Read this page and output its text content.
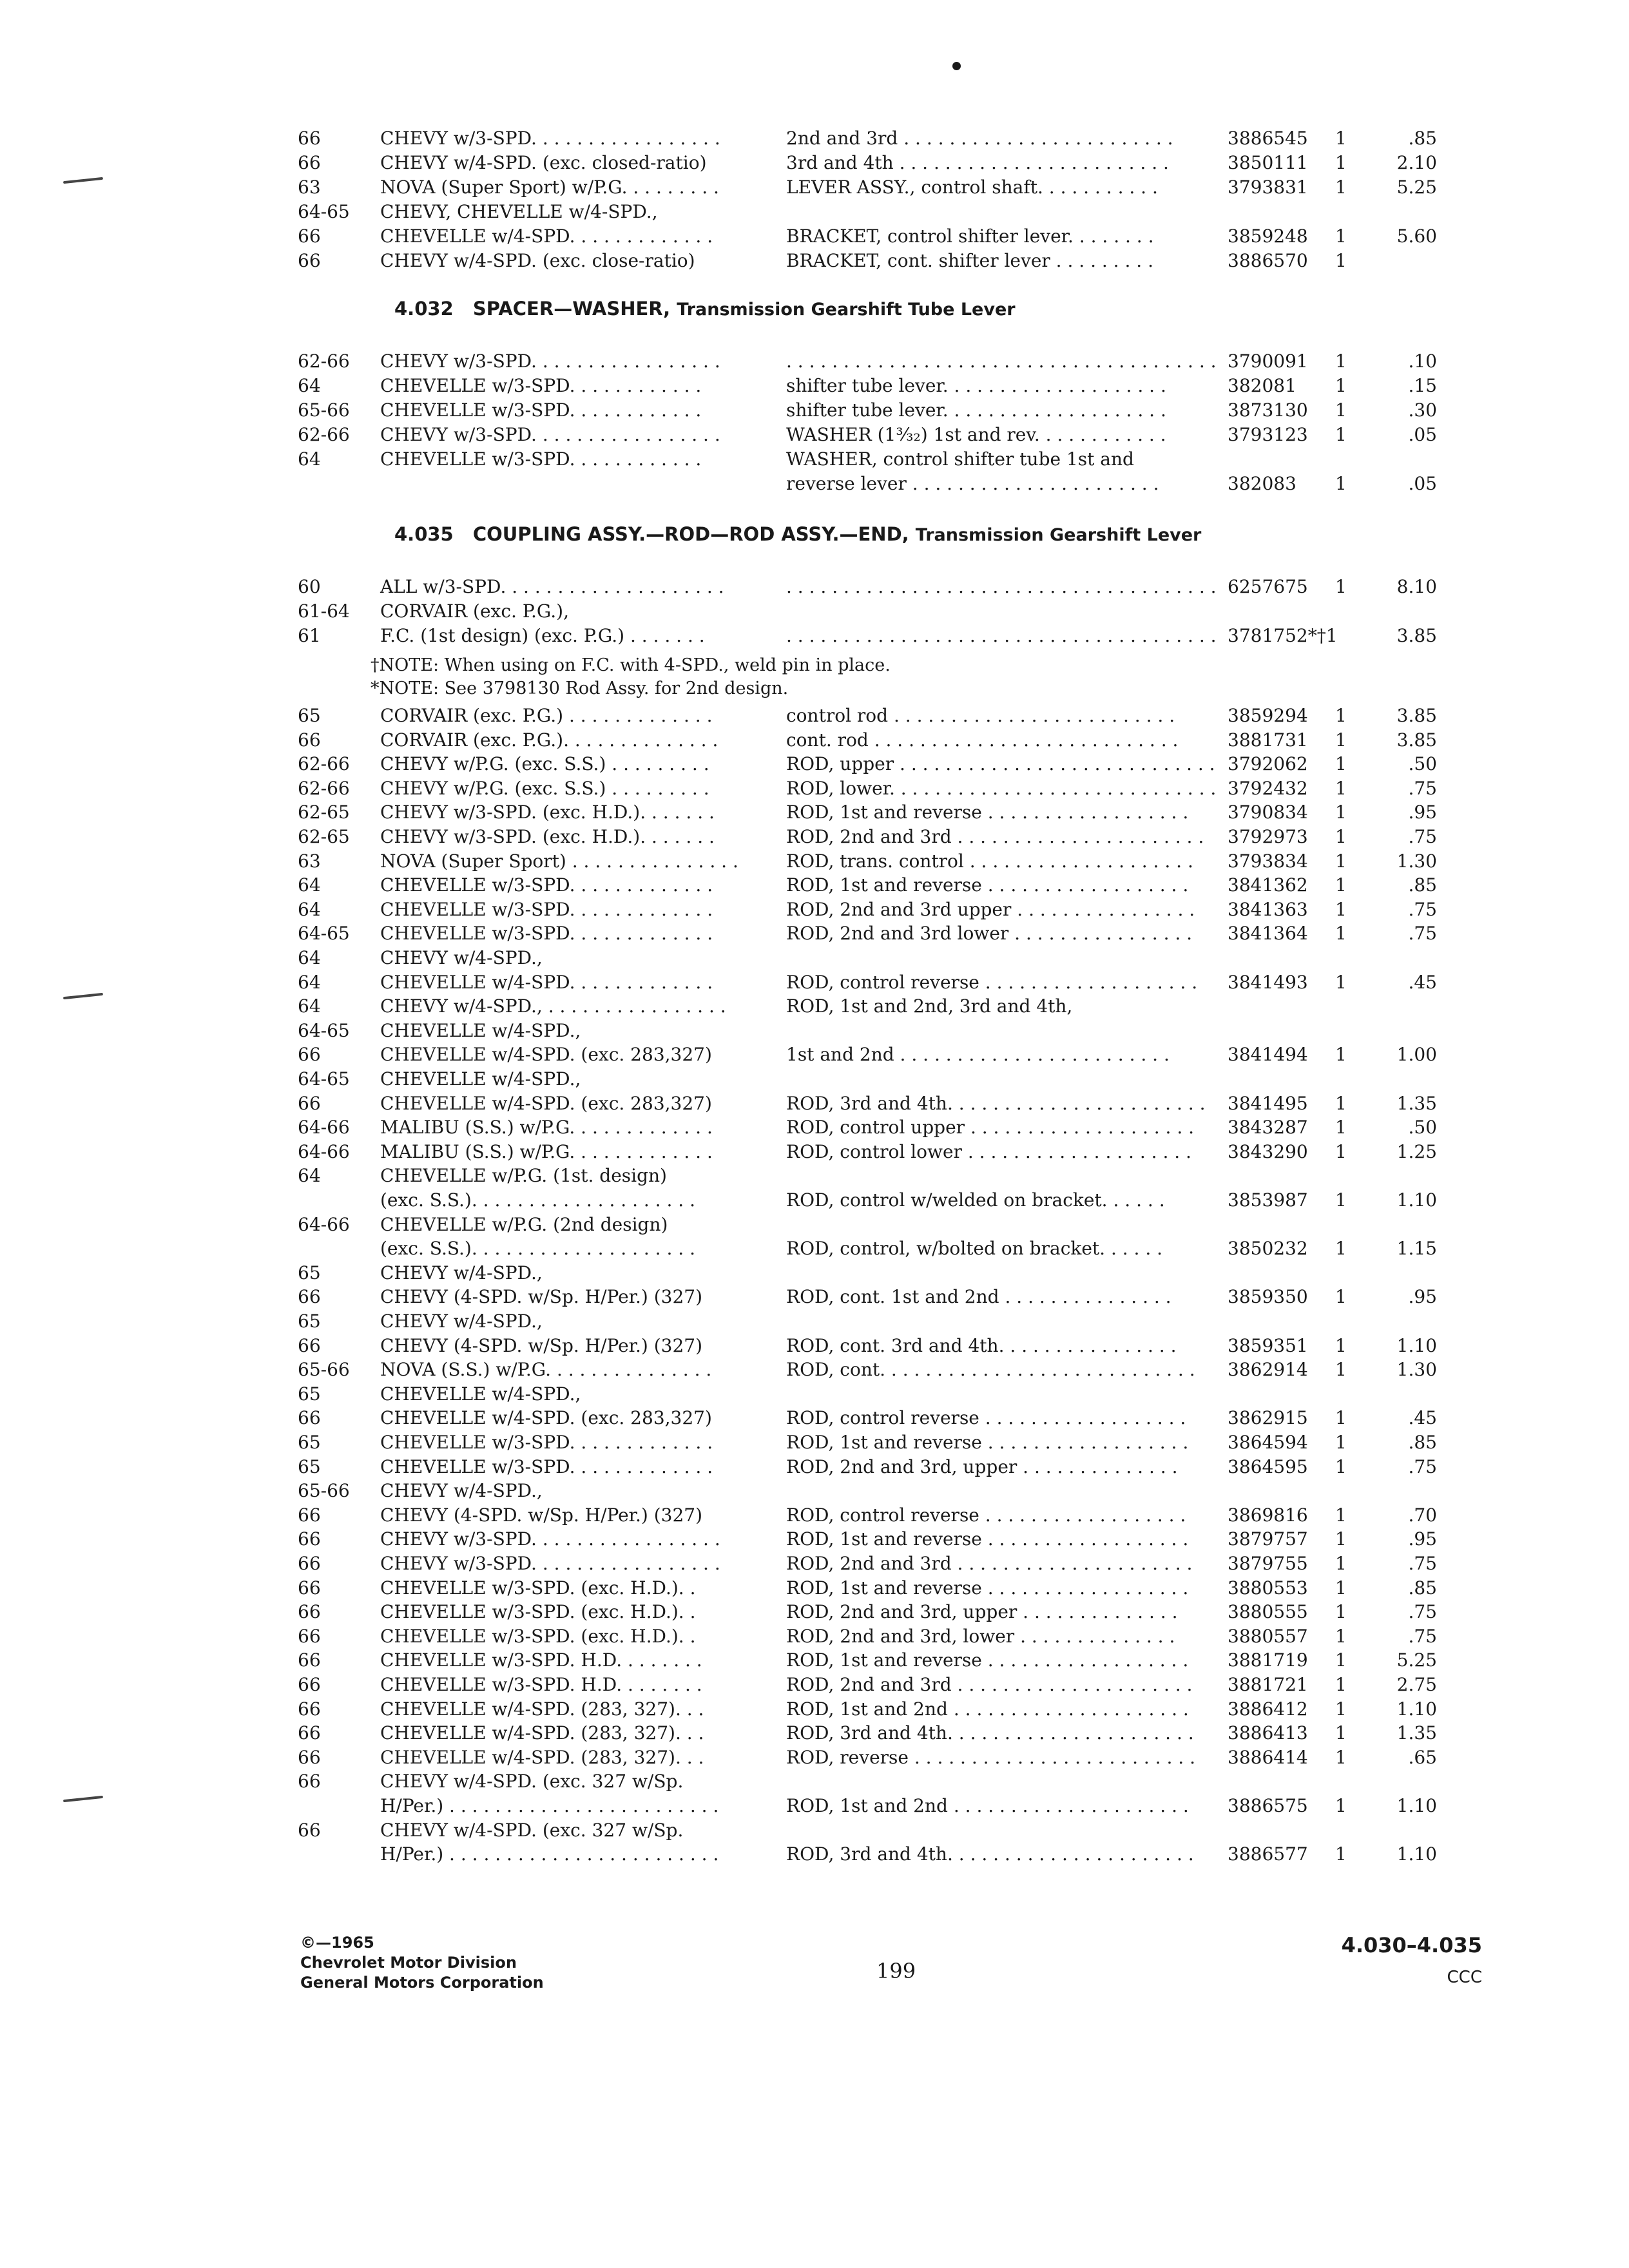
66	CHEVY w/3-SPD. . . . . . . . . . . . . . . . .	2nd and 3rd . . . . . . . . . . . . . . . . . . . . . . . .	3886545 1	.85
66	CHEVY w/4-SPD. (exc. closed-ratio)	3rd and 4th . . . . . . . . . . . . . . . . . . . . . . . .	3850111 1	2.10
63	NOVA (Super Sport) w/P.G. . . . . . . . .	LEVER ASSY., control shaft. . . . . . . . . . .	3793831 1	5.25
64-65 CHEVY, CHEVELLE w/4-SPD.,
66	CHEVELLE w/4-SPD. . . . . . . . . . . . .	BRACKET, control shifter lever. . . . . . . .	3859248 1	5.60
66	CHEVY w/4-SPD. (exc. close-ratio)	BRACKET, cont. shifter lever . . . . . . . . .	3886570 1
4.032 SPACER—WASHER, Transmission Gearshift Tube Lever
62-66 CHEVY w/3-SPD. . . . . . . . . . . . . . . . .	. . . . . . . . . . . . . . . . . . . . . . . . . . . . . . . . . . . . . . 3790091 1	.10
64	CHEVELLE w/3-SPD. . . . . . . . . . . .	shifter tube lever. . . . . . . . . . . . . . . . . . . .	382081 1	.15
65-66 CHEVELLE w/3-SPD. . . . . . . . . . . .	shifter tube lever. . . . . . . . . . . . . . . . . . . .	3873130 1	.30
62-66 CHEVY w/3-SPD. . . . . . . . . . . . . . . . .	WASHER (1³⁄₃₂) 1st and rev. . . . . . . . . . . .	3793123 1	.05
64	CHEVELLE w/3-SPD. . . . . . . . . . . .	WASHER, control shifter tube 1st and
reverse lever . . . . . . . . . . . . . . . . . . . . . .	382083 1	.05
4.035 COUPLING ASSY.—ROD—ROD ASSY.—END, Transmission Gearshift Lever
60	ALL w/3-SPD. . . . . . . . . . . . . . . . . . . .	. . . . . . . . . . . . . . . . . . . . . . . . . . . . . . . . . . . . . . 6257675 1	8.10
61-64 CORVAIR (exc. P.G.),
61	F.C. (1st design) (exc. P.G.) . . . . . . .	. . . . . . . . . . . . . . . . . . . . . . . . . . . . . . . . . . . . . . 3781752*†1	3.85
†NOTE: When using on F.C. with 4-SPD., weld pin in place.
*NOTE: See 3798130 Rod Assy. for 2nd design.
65	CORVAIR (exc. P.G.) . . . . . . . . . . . . .	control rod . . . . . . . . . . . . . . . . . . . . . . . . .	3859294 1	3.85
66	CORVAIR (exc. P.G.). . . . . . . . . . . . . .	cont. rod . . . . . . . . . . . . . . . . . . . . . . . . . . .	3881731 1	3.85
62-66 CHEVY w/P.G. (exc. S.S.) . . . . . . . . .	ROD, upper . . . . . . . . . . . . . . . . . . . . . . . . . . . . 3792062 1	.50
62-66 CHEVY w/P.G. (exc. S.S.) . . . . . . . . .	ROD, lower. . . . . . . . . . . . . . . . . . . . . . . . . . . . . 3792432 1	.75
62-65 CHEVY w/3-SPD. (exc. H.D.). . . . . . .	ROD, 1st and reverse . . . . . . . . . . . . . . . . . . 3790834 1	.95
62-65 CHEVY w/3-SPD. (exc. H.D.). . . . . . .	ROD, 2nd and 3rd . . . . . . . . . . . . . . . . . . . . . . 3792973 1	.75
63	NOVA (Super Sport) . . . . . . . . . . . . . . .	ROD, trans. control . . . . . . . . . . . . . . . . . . . . 3793834 1	1.30
64	CHEVELLE w/3-SPD. . . . . . . . . . . . .	ROD, 1st and reverse . . . . . . . . . . . . . . . . . . 3841362 1	.85
64	CHEVELLE w/3-SPD. . . . . . . . . . . . .	ROD, 2nd and 3rd upper . . . . . . . . . . . . . . . . 3841363 1	.75
64-65 CHEVELLE w/3-SPD. . . . . . . . . . . . .	ROD, 2nd and 3rd lower . . . . . . . . . . . . . . . . 3841364 1	.75
64	CHEVY w/4-SPD.,
64	CHEVELLE w/4-SPD. . . . . . . . . . . . .	ROD, control reverse . . . . . . . . . . . . . . . . . . . 3841493 1	.45
64	CHEVY w/4-SPD., . . . . . . . . . . . . . . . .	ROD, 1st and 2nd, 3rd and 4th,
64-65 CHEVELLE w/4-SPD.,
66	CHEVELLE w/4-SPD. (exc. 283,327)	1st and 2nd . . . . . . . . . . . . . . . . . . . . . . . .	3841494 1	1.00
64-65 CHEVELLE w/4-SPD.,
66	CHEVELLE w/4-SPD. (exc. 283,327)	ROD, 3rd and 4th. . . . . . . . . . . . . . . . . . . . . . . 3841495 1	1.35
64-66 MALIBU (S.S.) w/P.G. . . . . . . . . . . . .	ROD, control upper . . . . . . . . . . . . . . . . . . . . 3843287 1	.50
64-66 MALIBU (S.S.) w/P.G. . . . . . . . . . . . .	ROD, control lower . . . . . . . . . . . . . . . . . . . . 3843290 1	1.25
64	CHEVELLE w/P.G. (1st. design)
(exc. S.S.). . . . . . . . . . . . . . . . . . . .	ROD, control w/welded on bracket. . . . . .	3853987 1	1.10
64-66 CHEVELLE w/P.G. (2nd design)
(exc. S.S.). . . . . . . . . . . . . . . . . . . .	ROD, control, w/bolted on bracket. . . . . .	3850232 1	1.15
65	CHEVY w/4-SPD.,
66	CHEVY (4-SPD. w/Sp. H/Per.) (327)	ROD, cont. 1st and 2nd . . . . . . . . . . . . . . .	3859350 1	.95
65	CHEVY w/4-SPD.,
66	CHEVY (4-SPD. w/Sp. H/Per.) (327)	ROD, cont. 3rd and 4th. . . . . . . . . . . . . . . .	3859351 1	1.10
65-66 NOVA (S.S.) w/P.G. . . . . . . . . . . . . . .	ROD, cont. . . . . . . . . . . . . . . . . . . . . . . . . . . . 3862914 1	1.30
65	CHEVELLE w/4-SPD.,
66	CHEVELLE w/4-SPD. (exc. 283,327)	ROD, control reverse . . . . . . . . . . . . . . . . . . 3862915 1	.45
65	CHEVELLE w/3-SPD. . . . . . . . . . . . .	ROD, 1st and reverse . . . . . . . . . . . . . . . . . . 3864594 1	.85
65	CHEVELLE w/3-SPD. . . . . . . . . . . . .	ROD, 2nd and 3rd, upper . . . . . . . . . . . . . .	3864595 1	.75
65-66 CHEVY w/4-SPD.,
66	CHEVY (4-SPD. w/Sp. H/Per.) (327)	ROD, control reverse . . . . . . . . . . . . . . . . . . 3869816 1	.70
66	CHEVY w/3-SPD. . . . . . . . . . . . . . . . .	ROD, 1st and reverse . . . . . . . . . . . . . . . . . . 3879757 1	.95
66	CHEVY w/3-SPD. . . . . . . . . . . . . . . . .	ROD, 2nd and 3rd . . . . . . . . . . . . . . . . . . . . . 3879755 1	.75
66	CHEVELLE w/3-SPD. (exc. H.D.). .	ROD, 1st and reverse . . . . . . . . . . . . . . . . . . 3880553 1	.85
66	CHEVELLE w/3-SPD. (exc. H.D.). .	ROD, 2nd and 3rd, upper . . . . . . . . . . . . . .	3880555 1	.75
66	CHEVELLE w/3-SPD. (exc. H.D.). .	ROD, 2nd and 3rd, lower . . . . . . . . . . . . . .	3880557 1	.75
66	CHEVELLE w/3-SPD. H.D. . . . . . . .	ROD, 1st and reverse . . . . . . . . . . . . . . . . . . 3881719 1	5.25
66	CHEVELLE w/3-SPD. H.D. . . . . . . .	ROD, 2nd and 3rd . . . . . . . . . . . . . . . . . . . . . 3881721 1	2.75
66	CHEVELLE w/4-SPD. (283, 327). . .	ROD, 1st and 2nd . . . . . . . . . . . . . . . . . . . . . 3886412 1	1.10
66	CHEVELLE w/4-SPD. (283, 327). . .	ROD, 3rd and 4th. . . . . . . . . . . . . . . . . . . . . . 3886413 1	1.35
66	CHEVELLE w/4-SPD. (283, 327). . .	ROD, reverse . . . . . . . . . . . . . . . . . . . . . . . . . 3886414 1	.65
66	CHEVY w/4-SPD. (exc. 327 w/Sp.
H/Per.) . . . . . . . . . . . . . . . . . . . . . . . .	ROD, 1st and 2nd . . . . . . . . . . . . . . . . . . . . . 3886575 1	1.10
66	CHEVY w/4-SPD. (exc. 327 w/Sp.
H/Per.) . . . . . . . . . . . . . . . . . . . . . . . .	ROD, 3rd and 4th. . . . . . . . . . . . . . . . . . . . . . 3886577 1	1.10
©—1965
Chevrolet Motor Division
General Motors Corporation	199
4.030–4.035
CCC
